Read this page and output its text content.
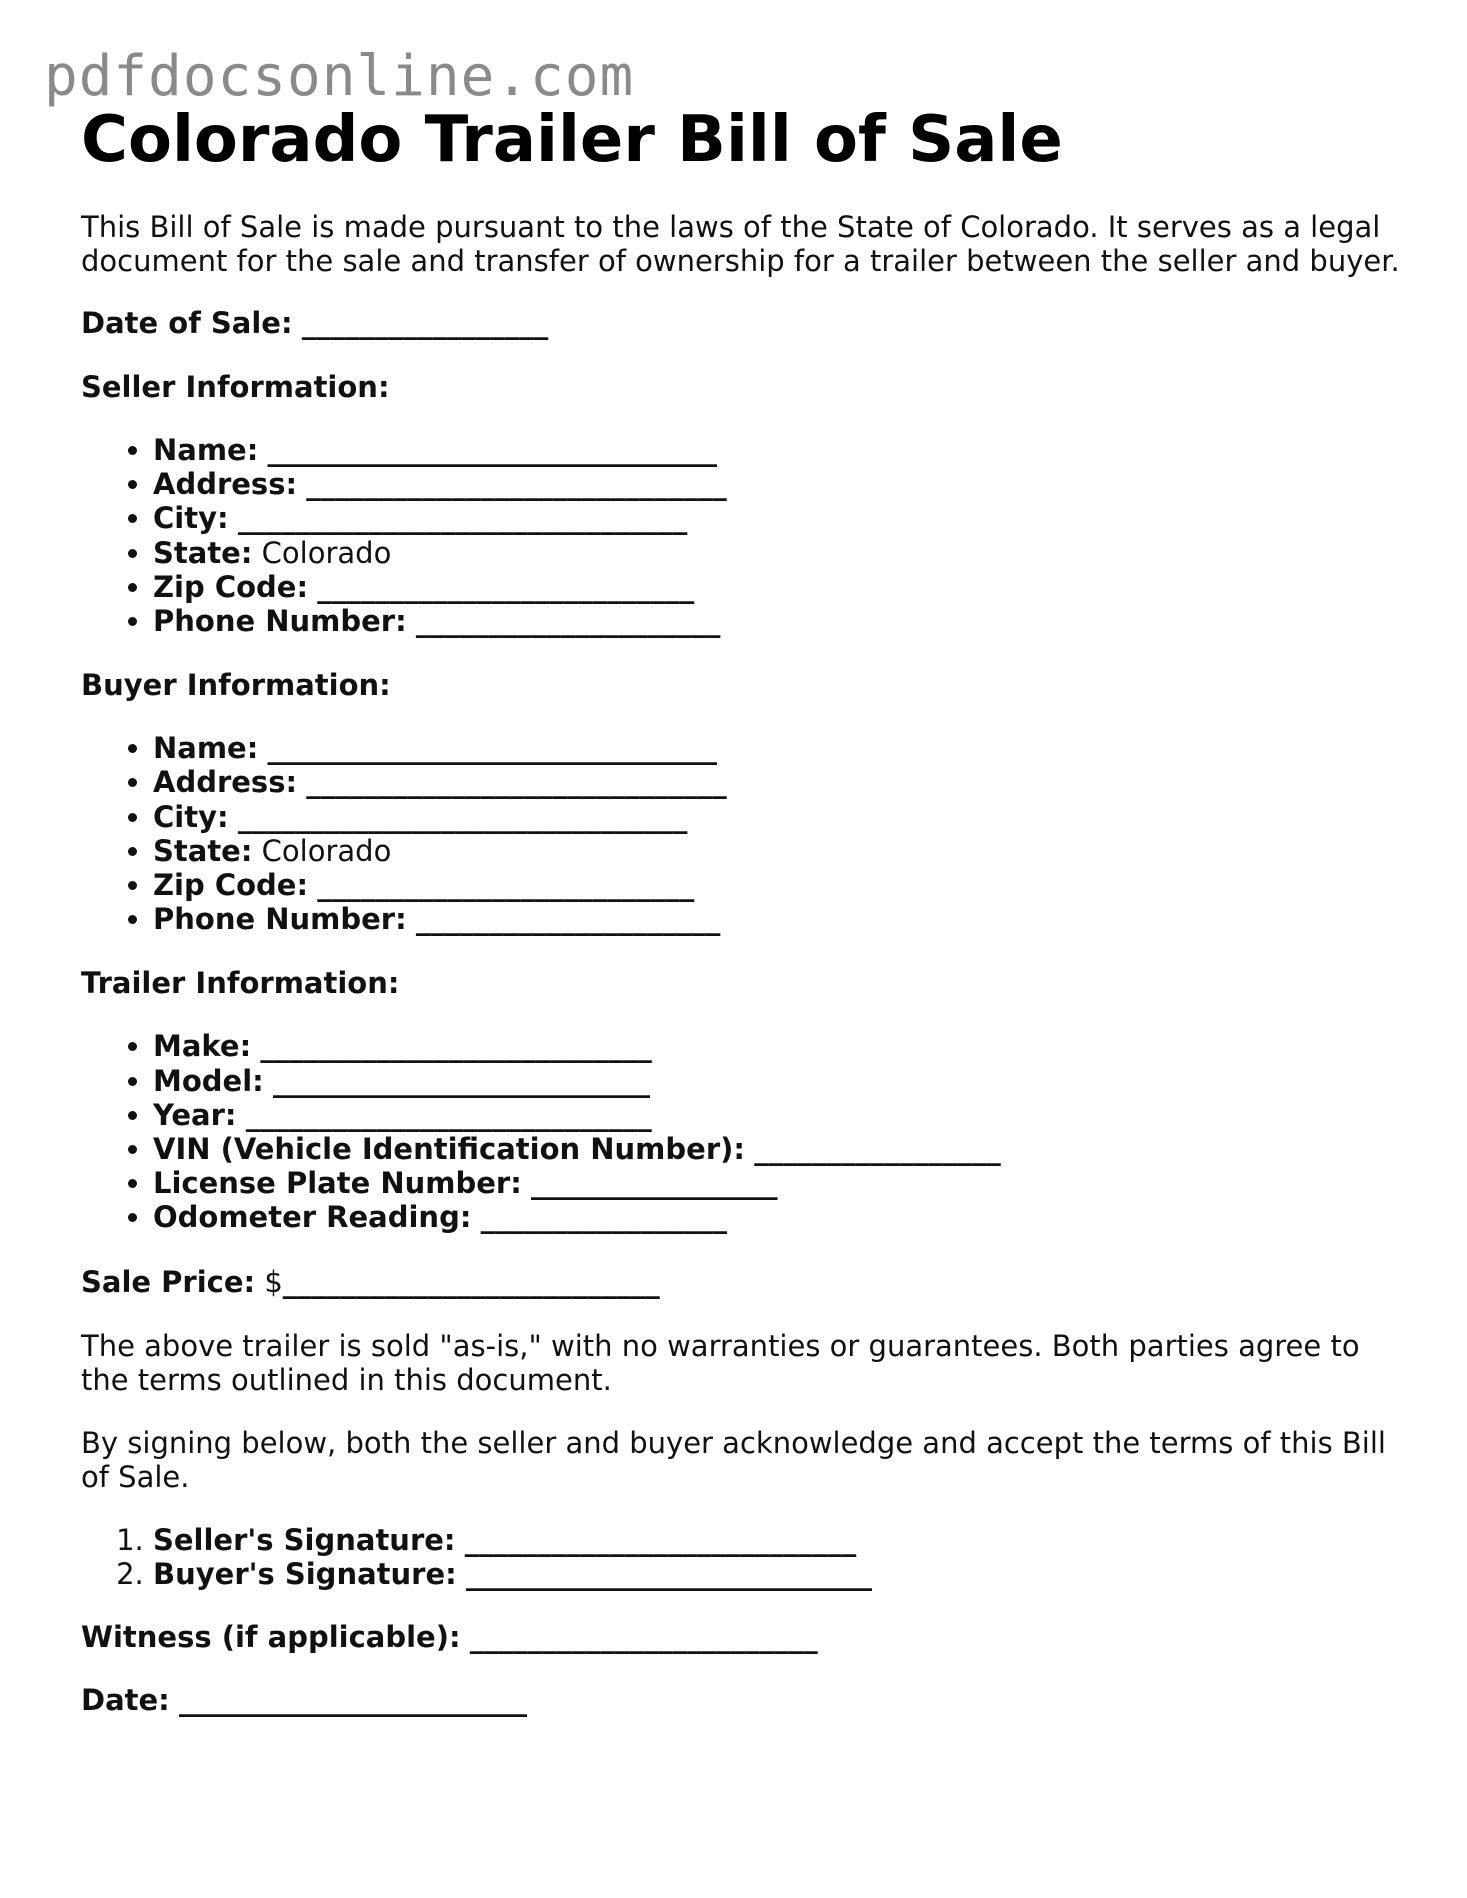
pdfdocsonline.com
Colorado Trailer Bill of Sale

This Bill of Sale is made pursuant to the laws of the State of Colorado. It serves as a legal document for the sale and transfer of ownership for a trailer between the seller and buyer.

Date of Sale: _________________

Seller Information:

• Name: _______________________________
• Address: _____________________________
• City: _______________________________
• State: Colorado
• Zip Code: __________________________
• Phone Number: _____________________

Buyer Information:

• Name: _______________________________
• Address: _____________________________
• City: _______________________________
• State: Colorado
• Zip Code: __________________________
• Phone Number: _____________________

Trailer Information:

• Make: ___________________________
• Model: __________________________
• Year: ____________________________
• VIN (Vehicle Identification Number): _________________
• License Plate Number: _________________
• Odometer Reading: _________________

Sale Price: $__________________________

The above trailer is sold "as-is," with no warranties or guarantees. Both parties agree to the terms outlined in this document.

By signing below, both the seller and buyer acknowledge and accept the terms of this Bill of Sale.

1. Seller's Signature: ___________________________
2. Buyer's Signature: ____________________________

Witness (if applicable): ________________________

Date: ________________________
